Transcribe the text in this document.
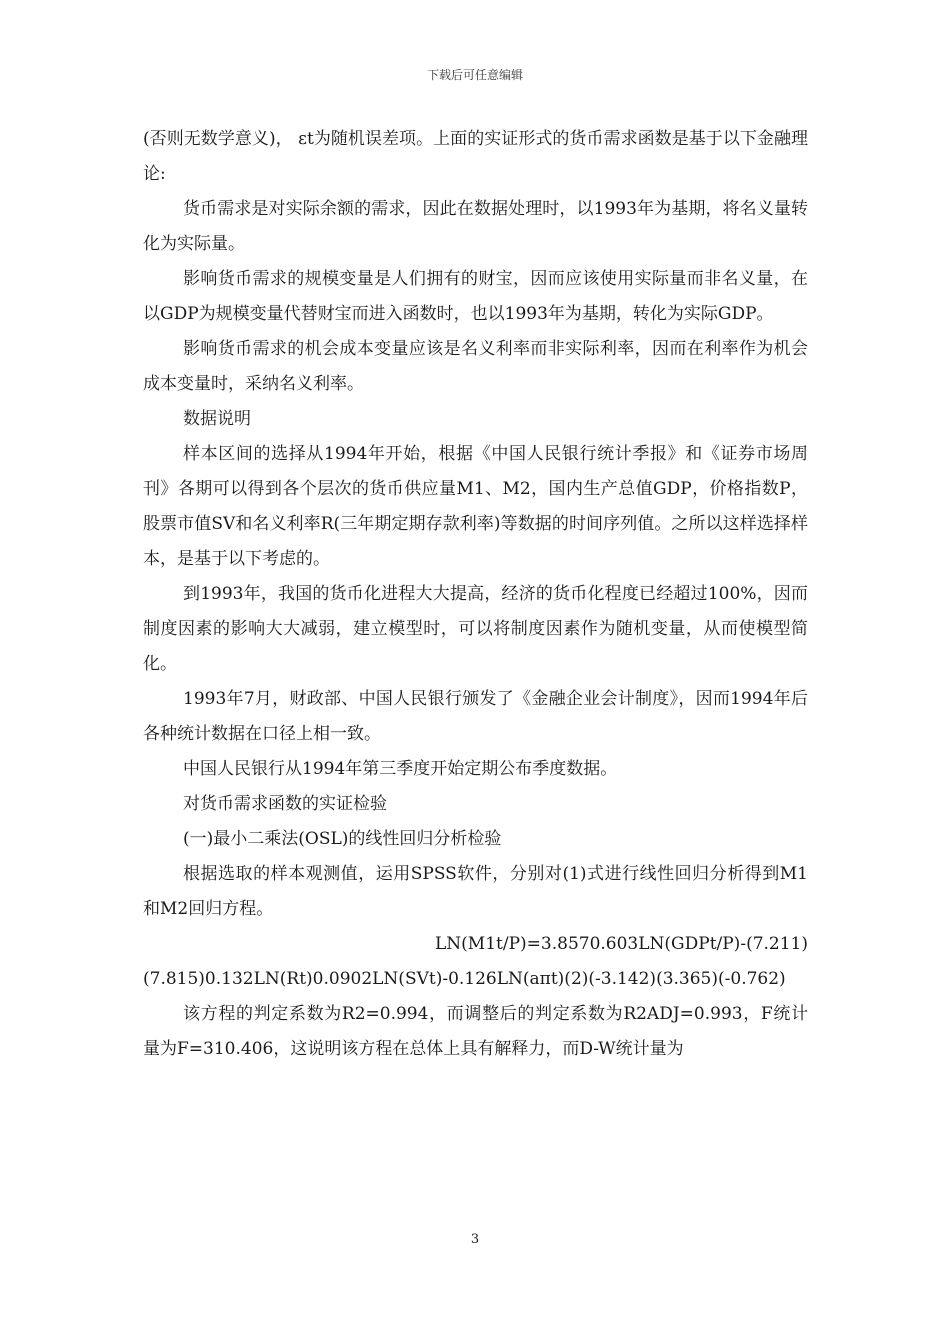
下载后可任意编辑

(否则无数学意义)， εt为随机误差项。上面的实证形式的货币需求函数是基于以下金融理论:

货币需求是对实际余额的需求，因此在数据处理时，以1993年为基期，将名义量转化为实际量。

影响货币需求的规模变量是人们拥有的财宝，因而应该使用实际量而非名义量，在以GDP为规模变量代替财宝而进入函数时，也以1993年为基期，转化为实际GDP。

影响货币需求的机会成本变量应该是名义利率而非实际利率，因而在利率作为机会成本变量时，采纳名义利率。

数据说明

样本区间的选择从1994年开始，根据《中国人民银行统计季报》和《证券市场周刊》各期可以得到各个层次的货币供应量M1、M2，国内生产总值GDP，价格指数P，股票市值SV和名义利率R(三年期定期存款利率)等数据的时间序列值。之所以这样选择样本，是基于以下考虑的。

到1993年，我国的货币化进程大大提高，经济的货币化程度已经超过100%，因而制度因素的影响大大减弱，建立模型时，可以将制度因素作为随机变量，从而使模型简化。

1993年7月，财政部、中国人民银行颁发了《金融企业会计制度》，因而1994年后各种统计数据在口径上相一致。

中国人民银行从1994年第三季度开始定期公布季度数据。

对货币需求函数的实证检验

(一)最小二乘法(OSL)的线性回归分析检验

根据选取的样本观测值，运用SPSS软件，分别对(1)式进行线性回归分析得到M1和M2回归方程。

LN(M1t/P)=3.8570.603LN(GDPt/P)-(7.211)

(7.815)0.132LN(Rt)0.0902LN(SVt)-0.126LN(aπt)(2)(-3.142)(3.365)(-0.762)

该方程的判定系数为R2=0.994，而调整后的判定系数为R2ADJ=0.993，F统计量为F=310.406，这说明该方程在总体上具有解释力，而D-W统计量为

3
